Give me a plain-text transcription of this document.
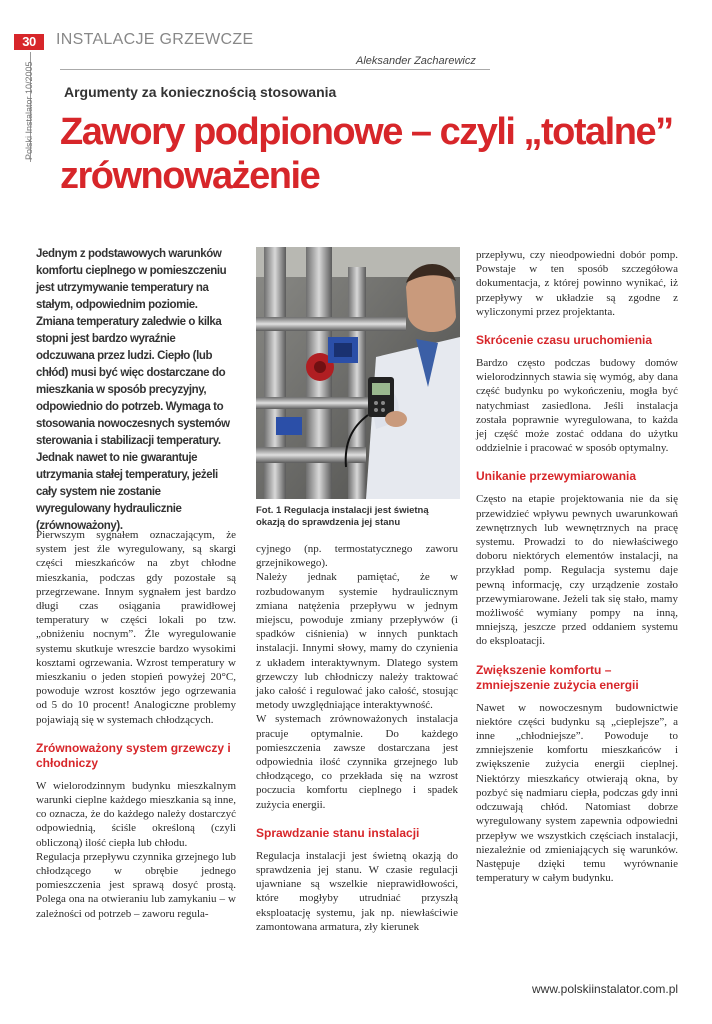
30	INSTALACJE GRZEWCZE
Polski Instalator 10/2005
Aleksander Zacharewicz
Argumenty za koniecznością stosowania
Zawory podpionowe – czyli „totalne” zrównoważenie
Jednym z podstawowych warunków komfortu cieplnego w pomieszczeniu jest utrzymywanie temperatury na stałym, odpowiednim poziomie. Zmiana temperatury zaledwie o kilka stopni jest bardzo wyraźnie odczuwana przez ludzi. Ciepło (lub chłód) musi być więc dostarczane do mieszkania w sposób precyzyjny, odpowiednio do potrzeb. Wymaga to stosowania nowoczesnych systemów sterowania i stabilizacji temperatury. Jednak nawet to nie gwarantuje utrzymania stałej temperatury, jeżeli cały system nie zostanie wyregulowany hydraulicznie (zrównoważony).
Fot. 1 Regulacja instalacji jest świetną okazją do sprawdzenia jej stanu

Pierwszym sygnałem oznaczającym, że system jest źle wyregulowany, są skargi części mieszkańców na zbyt chłodne mieszkania, podczas gdy pozostałe są przegrzewane. Innym sygnałem jest bardzo długi czas osiągania prawidłowej temperatury w części lokali po tzw. „obniżeniu nocnym”. Źle wyregulowanie systemu skutkuje wreszcie bardzo wysokimi kosztami ogrzewania. Wzrost temperatury w mieszkaniu o jeden stopień powyżej 20°C, powoduje wzrost kosztów jego ogrzewania od 5 do 10 procent! Analogiczne problemy pojawiają się w systemach chłodzących.

Zrównoważony system grzewczy i chłodniczy

W wielorodzinnym budynku mieszkalnym warunki cieplne każdego mieszkania są inne, co oznacza, że do każdego należy dostarczyć odpowiednią, ściśle określoną (czyli obliczoną) ilość ciepła lub chłodu.

Regulacja przepływu czynnika grzejnego lub chłodzącego w obrębie jednego pomieszczenia jest sprawą dosyć prostą. Polega ona na otwieraniu lub zamykaniu – w zależności od potrzeb – zaworu regula-

cyjnego (np. termostatycznego zaworu grzejnikowego).

Należy jednak pamiętać, że w rozbudowanym systemie hydraulicznym zmiana natężenia przepływu w jednym miejscu, powoduje zmiany przepływów (i spadków ciśnienia) w innych punktach instalacji. Innymi słowy, mamy do czynienia z układem interaktywnym. Dlatego system grzewczy lub chłodniczy należy traktować jako całość i regulować jako całość, stosując metody uwzględniające interaktywność.

W systemach zrównoważonych instalacja pracuje optymalnie. Do każdego pomieszczenia zawsze dostarczana jest odpowiednia ilość czynnika grzejnego lub chłodzącego, co przekłada się na wzrost poczucia komfortu cieplnego i spadek zużycia energii.

Sprawdzanie stanu instalacji

Regulacja instalacji jest świetną okazją do sprawdzenia jej stanu. W czasie regulacji ujawniane są wszelkie nieprawidłowości, które mogłyby utrudniać przyszłą eksploatację systemu, jak np. niewłaściwie zamontowana armatura, zły kierunek

przepływu, czy nieodpowiedni dobór pomp. Powstaje w ten sposób szczegółowa dokumentacja, z której powinno wynikać, iż przepływy w układzie są zgodne z wyliczonymi przez projektanta.

Skrócenie czasu uruchomienia

Bardzo często podczas budowy domów wielorodzinnych stawia się wymóg, aby dana część budynku po wykończeniu, mogła być natychmiast zasiedlona. Jeśli instalacja została poprawnie wyregulowana, to każda jej część może zostać oddana do użytku oddzielnie i pracować w sposób optymalny.

Unikanie przewymiarowania

Często na etapie projektowania nie da się przewidzieć wpływu pewnych uwarunkowań zewnętrznych lub wewnętrznych na pracę systemu. Prowadzi to do niewłaściwego doboru niektórych elementów instalacji, na przykład pomp. Regulacja systemu daje pewną informację, czy urządzenie zostało przewymiarowane. Jeżeli tak się stało, mamy możliwość wymiany pompy na inną, mniejszą, jeszcze przed oddaniem systemu do eksploatacji.

Zwiększenie komfortu – zmniejszenie zużycia energii

Nawet w nowoczesnym budownictwie niektóre części budynku są „cieplejsze”, a inne „chłodniejsze”. Powoduje to zmniejszenie komfortu mieszkańców i zwiększenie zużycia energii cieplnej. Niektórzy mieszkańcy otwierają okna, by pozbyć się nadmiaru ciepła, podczas gdy inni odczuwają chłód. Natomiast dobrze wyregulowany system zapewnia odpowiedni przepływ we wszystkich częściach instalacji, niezależnie od zmieniających się warunków. Następuje dzięki temu wyrównanie temperatury w całym budynku.

www.polskiinstalator.com.pl
